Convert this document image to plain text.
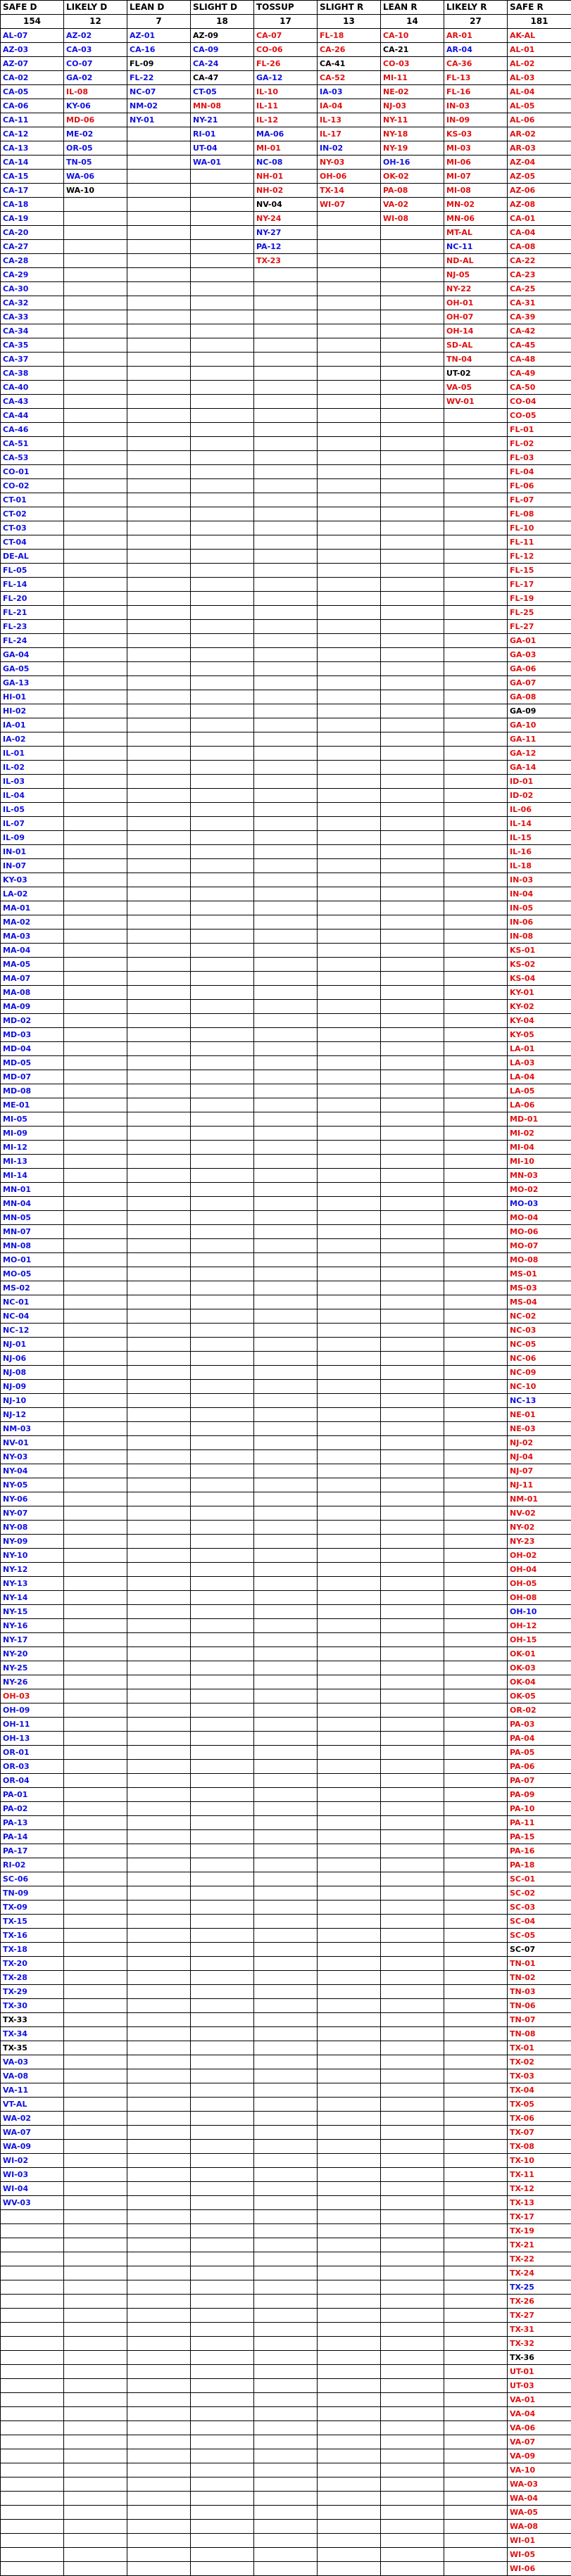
SAFE D	LIKELY D	LEAN D	SLIGHT D	TOSSUP	SLIGHT R	LEAN R	LIKELY R	SAFE R
154	12	7	18	17	13	14	27	181
AL-07	AZ-02	AZ-01	AZ-09	CA-07	FL-18	CA-10	AR-01	AK-AL
AZ-03	CA-03	CA-16	CA-09	CO-06	CA-26	CA-21	AR-04	AL-01
AZ-07	CO-07	FL-09	CA-24	FL-26	CA-41	CO-03	CA-36	AL-02
CA-02	GA-02	FL-22	CA-47	GA-12	CA-52	MI-11	FL-13	AL-03
CA-05	IL-08	NC-07	CT-05	IL-10	IA-03	NE-02	FL-16	AL-04
CA-06	KY-06	NM-02	MN-08	IL-11	IA-04	NJ-03	IN-03	AL-05
CA-11	MD-06	NY-01	NY-21	IL-12	IL-13	NY-11	IN-09	AL-06
CA-12	ME-02		RI-01	MA-06	IL-17	NY-18	KS-03	AR-02
CA-13	OR-05		UT-04	MI-01	IN-02	NY-19	MI-03	AR-03
CA-14	TN-05		WA-01	NC-08	NY-03	OH-16	MI-06	AZ-04
CA-15	WA-06			NH-01	OH-06	OK-02	MI-07	AZ-05
CA-17	WA-10			NH-02	TX-14	PA-08	MI-08	AZ-06
CA-18				NV-04	WI-07	VA-02	MN-02	AZ-08
CA-19				NY-24		WI-08	MN-06	CA-01
CA-20				NY-27			MT-AL	CA-04
CA-27				PA-12			NC-11	CA-08
CA-28				TX-23			ND-AL	CA-22
CA-29							NJ-05	CA-23
CA-30							NY-22	CA-25
CA-32							OH-01	CA-31
CA-33							OH-07	CA-39
CA-34							OH-14	CA-42
CA-35							SD-AL	CA-45
CA-37							TN-04	CA-48
CA-38							UT-02	CA-49
CA-40							VA-05	CA-50
CA-43							WV-01	CO-04
CA-44								CO-05
CA-46								FL-01
CA-51								FL-02
CA-53								FL-03
CO-01								FL-04
CO-02								FL-06
CT-01								FL-07
CT-02								FL-08
CT-03								FL-10
CT-04								FL-11
DE-AL								FL-12
FL-05								FL-15
FL-14								FL-17
FL-20								FL-19
FL-21								FL-25
FL-23								FL-27
FL-24								GA-01
GA-04								GA-03
GA-05								GA-06
GA-13								GA-07
HI-01								GA-08
HI-02								GA-09
IA-01								GA-10
IA-02								GA-11
IL-01								GA-12
IL-02								GA-14
IL-03								ID-01
IL-04								ID-02
IL-05								IL-06
IL-07								IL-14
IL-09								IL-15
IN-01								IL-16
IN-07								IL-18
KY-03								IN-03
LA-02								IN-04
MA-01								IN-05
MA-02								IN-06
MA-03								IN-08
MA-04								KS-01
MA-05								KS-02
MA-07								KS-04
MA-08								KY-01
MA-09								KY-02
MD-02								KY-04
MD-03								KY-05
MD-04								LA-01
MD-05								LA-03
MD-07								LA-04
MD-08								LA-05
ME-01								LA-06
MI-05								MD-01
MI-09								MI-02
MI-12								MI-04
MI-13								MI-10
MI-14								MN-03
MN-01								MO-02
MN-04								MO-03
MN-05								MO-04
MN-07								MO-06
MN-08								MO-07
MO-01								MO-08
MO-05								MS-01
MS-02								MS-03
NC-01								MS-04
NC-04								NC-02
NC-12								NC-03
NJ-01								NC-05
NJ-06								NC-06
NJ-08								NC-09
NJ-09								NC-10
NJ-10								NC-13
NJ-12								NE-01
NM-03								NE-03
NV-01								NJ-02
NY-03								NJ-04
NY-04								NJ-07
NY-05								NJ-11
NY-06								NM-01
NY-07								NV-02
NY-08								NY-02
NY-09								NY-23
NY-10								OH-02
NY-12								OH-04
NY-13								OH-05
NY-14								OH-08
NY-15								OH-10
NY-16								OH-12
NY-17								OH-15
NY-20								OK-01
NY-25								OK-03
NY-26								OK-04
OH-03								OK-05
OH-09								OR-02
OH-11								PA-03
OH-13								PA-04
OR-01								PA-05
OR-03								PA-06
OR-04								PA-07
PA-01								PA-09
PA-02								PA-10
PA-13								PA-11
PA-14								PA-15
PA-17								PA-16
RI-02								PA-18
SC-06								SC-01
TN-09								SC-02
TX-09								SC-03
TX-15								SC-04
TX-16								SC-05
TX-18								SC-07
TX-20								TN-01
TX-28								TN-02
TX-29								TN-03
TX-30								TN-06
TX-33								TN-07
TX-34								TN-08
TX-35								TX-01
VA-03								TX-02
VA-08								TX-03
VA-11								TX-04
VT-AL								TX-05
WA-02								TX-06
WA-07								TX-07
WA-09								TX-08
WI-02								TX-10
WI-03								TX-11
WI-04								TX-12
WV-03								TX-13
								TX-17
								TX-19
								TX-21
								TX-22
								TX-24
								TX-25
								TX-26
								TX-27
								TX-31
								TX-32
								TX-36
								UT-01
								UT-03
								VA-01
								VA-04
								VA-06
								VA-07
								VA-09
								VA-10
								WA-03
								WA-04
								WA-05
								WA-08
								WI-01
								WI-05
								WI-06
